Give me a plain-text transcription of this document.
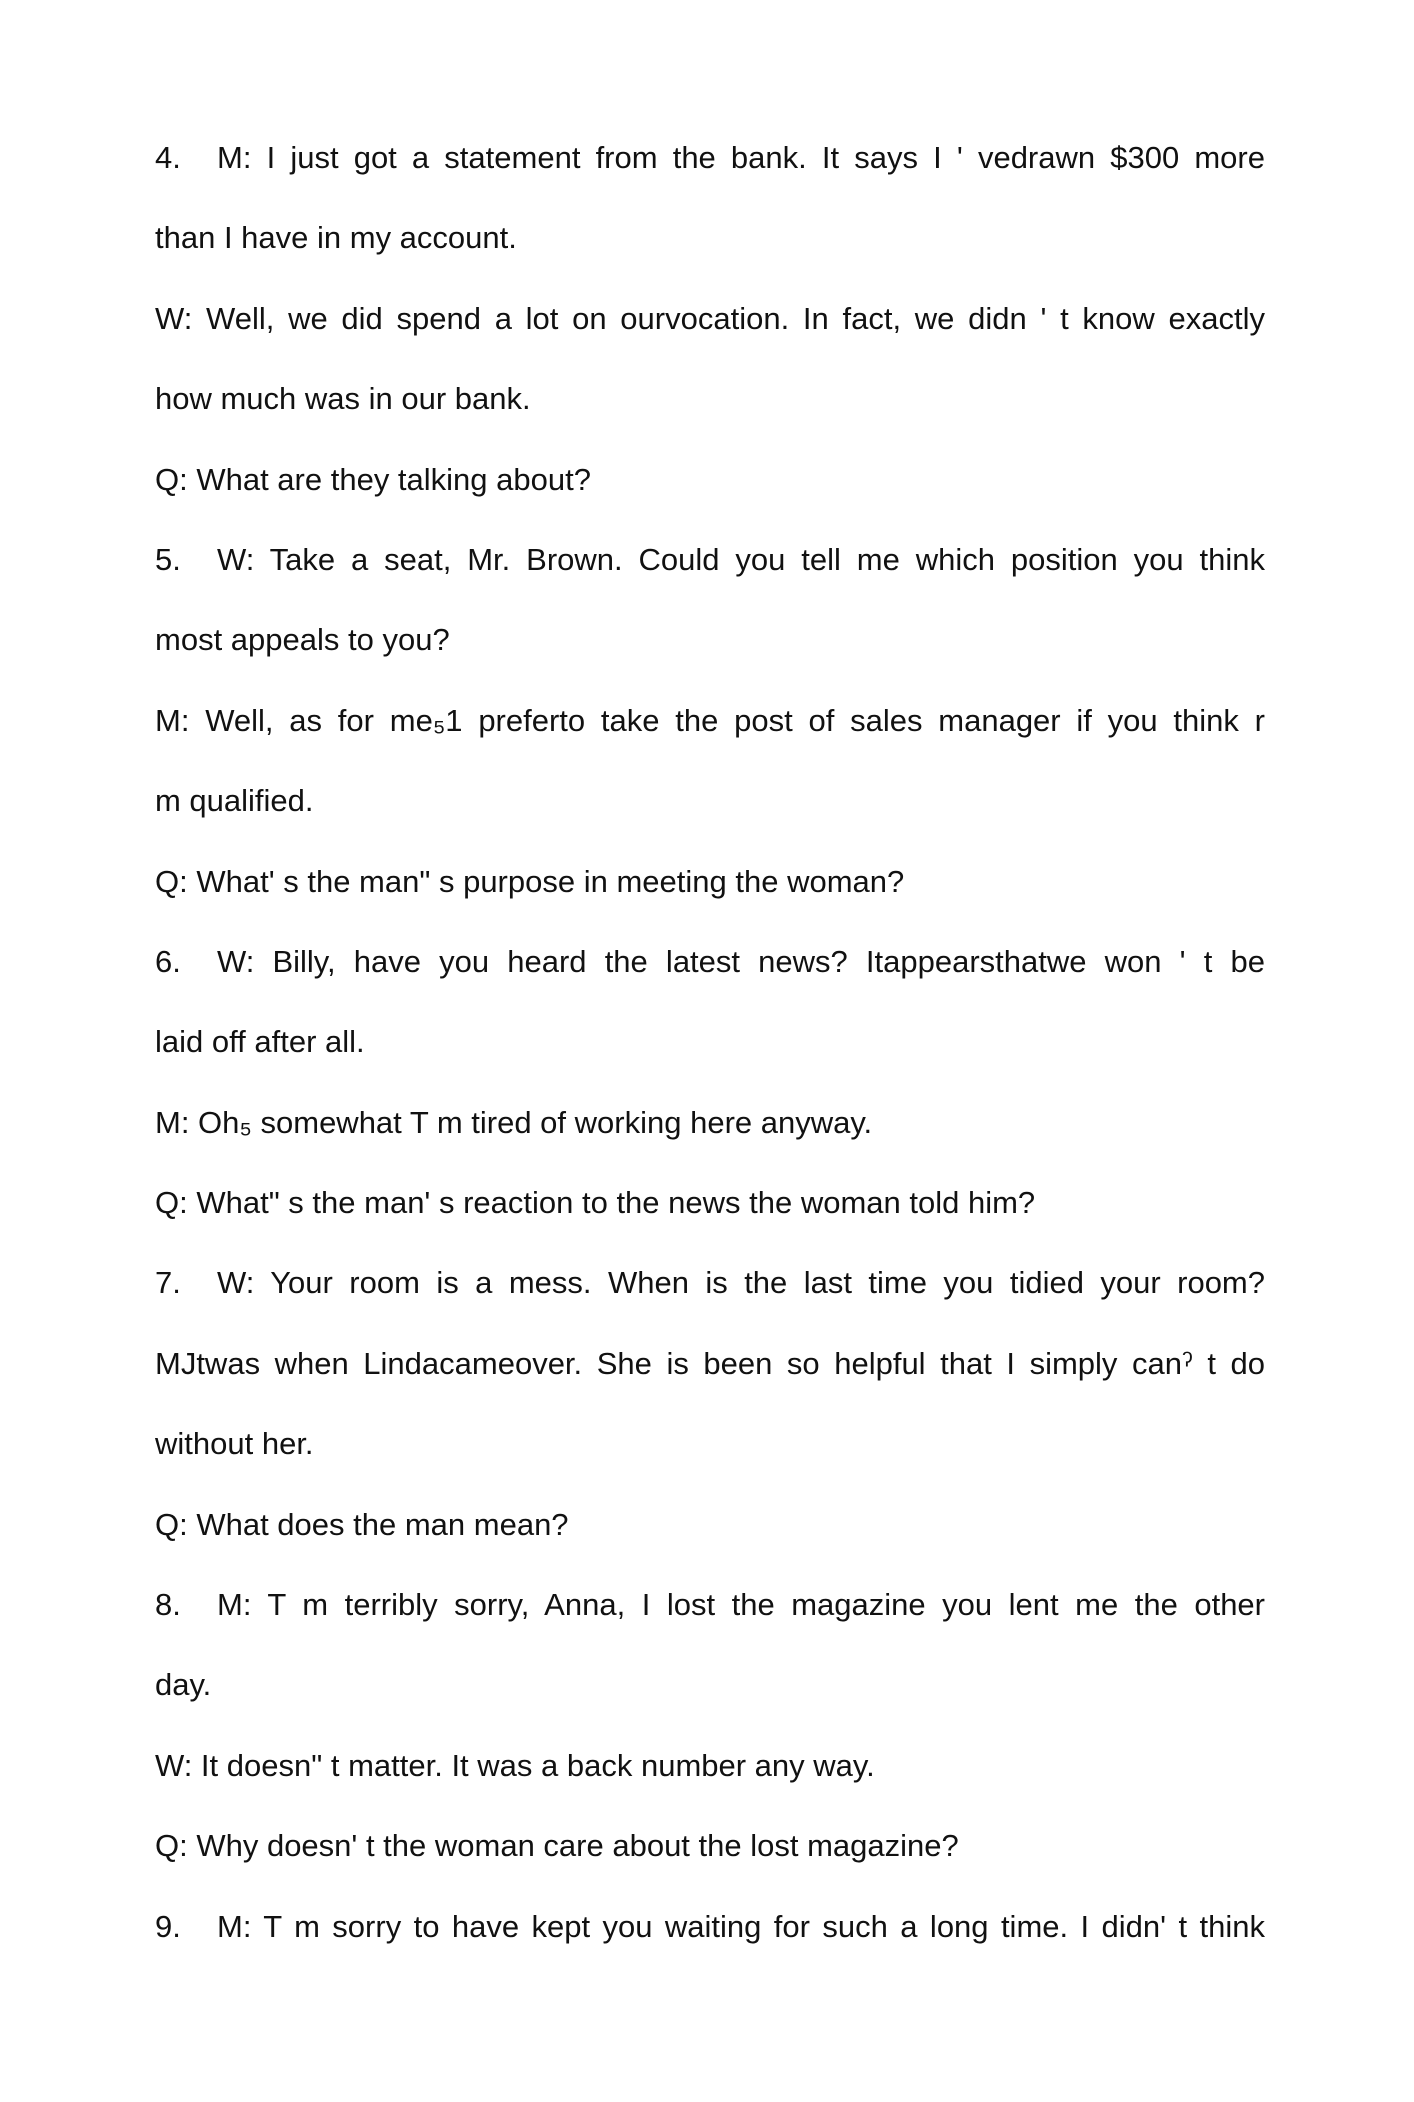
4. M: I just got a statement from the bank. It says I ' vedrawn $300 more
than I have in my account.
W: Well, we did spend a lot on ourvocation. In fact, we didn ' t know exactly
how much was in our bank.
Q: What are they talking about?
5. W: Take a seat, Mr. Brown. Could you tell me which position you think
most appeals to you?
M: Well, as for me₅1 preferto take the post of sales manager if you think r
m qualified.
Q: What' s the man" s purpose in meeting the woman?
6. W: Billy, have you heard the latest news? Itappearsthatwe won ' t be
laid off after all.
M: Oh₅ somewhat T m tired of working here anyway.
Q: What" s the man' s reaction to the news the woman told him?
7. W: Your room is a mess. When is the last time you tidied your room?
MJtwas when Lindacameover. She is been so helpful that I simply canˀ t do
without her.
Q: What does the man mean?
8. M: T m terribly sorry, Anna, I lost the magazine you lent me the other
day.
W: It doesn" t matter. It was a back number any way.
Q: Why doesn' t the woman care about the lost magazine?
9. M: T m sorry to have kept you waiting for such a long time. I didn' t think
